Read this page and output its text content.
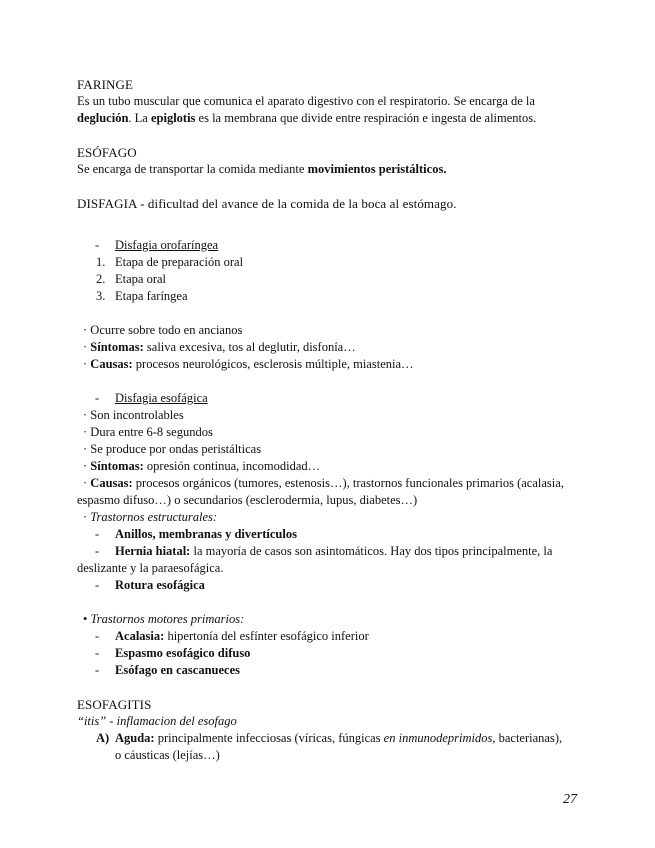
FARINGE

Es un tubo muscular que comunica el aparato digestivo con el respiratorio. Se encarga de la

deglución. La epiglotis es la membrana que divide entre respiración e ingesta de alimentos.

ESÓFAGO

Se encarga de transportar la comida mediante movimientos peristálticos.

DISFAGIA - dificultad del avance de la comida de la boca al estómago.

- Disfagia orofaríngea

1. Etapa de preparación oral

2. Etapa oral

3. Etapa faríngea

· Ocurre sobre todo en ancianos

· Síntomas: saliva excesiva, tos al deglutir, disfonía…

· Causas: procesos neurológicos, esclerosis múltiple, miastenia…

- Disfagia esofágica

· Son incontrolables

· Dura entre 6-8 segundos

· Se produce por ondas peristálticas

· Síntomas: opresión continua, incomodidad…

· Causas: procesos orgánicos (tumores, estenosis…), trastornos funcionales primarios (acalasia,

espasmo difuso…) o secundarios (esclerodermia, lupus, diabetes…)

· Trastornos estructurales:

- Anillos, membranas y divertículos

- Hernia hiatal: la mayoría de casos son asintomáticos. Hay dos tipos principalmente, la

deslizante y la paraesofágica.

- Rotura esofágica

• Trastornos motores primarios:

- Acalasia: hipertonía del esfínter esofágico inferior

- Espasmo esofágico difuso

- Esófago en cascanueces

ESOFAGITIS

“itis” - inflamacion del esofago

A) Aguda: principalmente infecciosas (víricas, fúngicas en inmunodeprimidos, bacterianas),

o cáusticas (lejías…)

27
